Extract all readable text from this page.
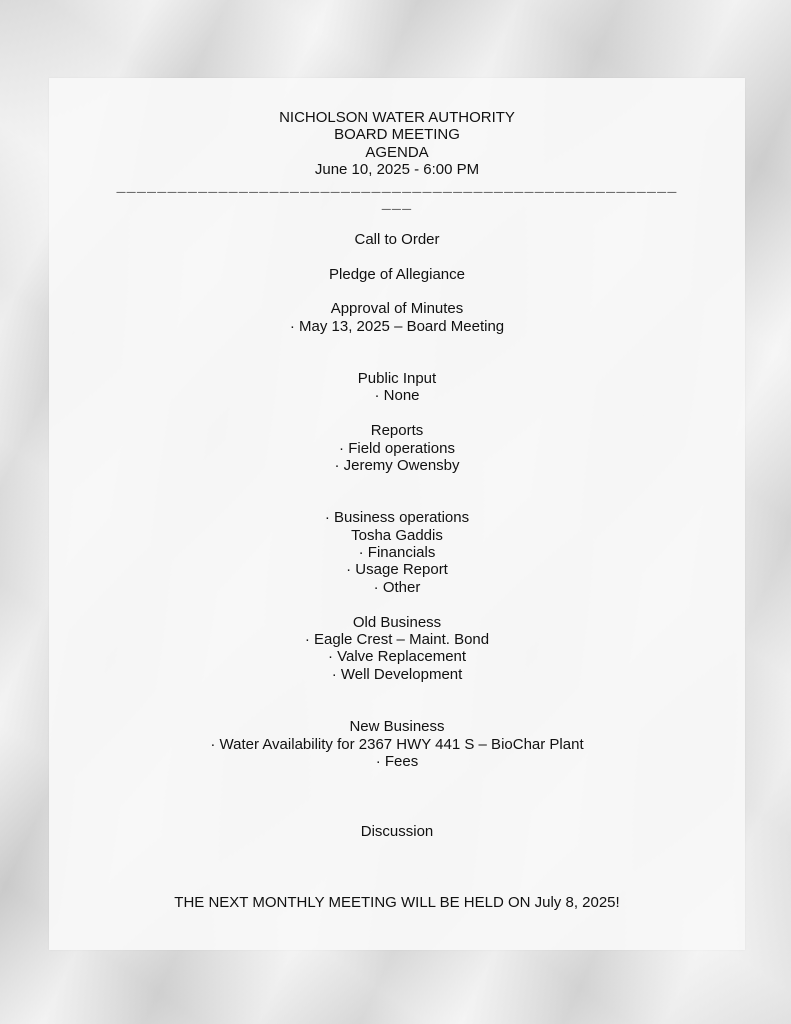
NICHOLSON WATER AUTHORITY
BOARD MEETING
AGENDA
June 10, 2025 - 6:00 PM
_______________________________________________________
___
Call to Order
Pledge of Allegiance
Approval of Minutes
· May 13, 2025 – Board Meeting
Public Input
· None
Reports
· Field operations
· Jeremy Owensby
· Business operations
Tosha Gaddis
· Financials
· Usage Report
· Other
Old Business
· Eagle Crest – Maint. Bond
· Valve Replacement
· Well Development
New Business
· Water Availability for 2367 HWY 441 S – BioChar Plant
· Fees
Discussion
THE NEXT MONTHLY MEETING WILL BE HELD ON July 8, 2025!
